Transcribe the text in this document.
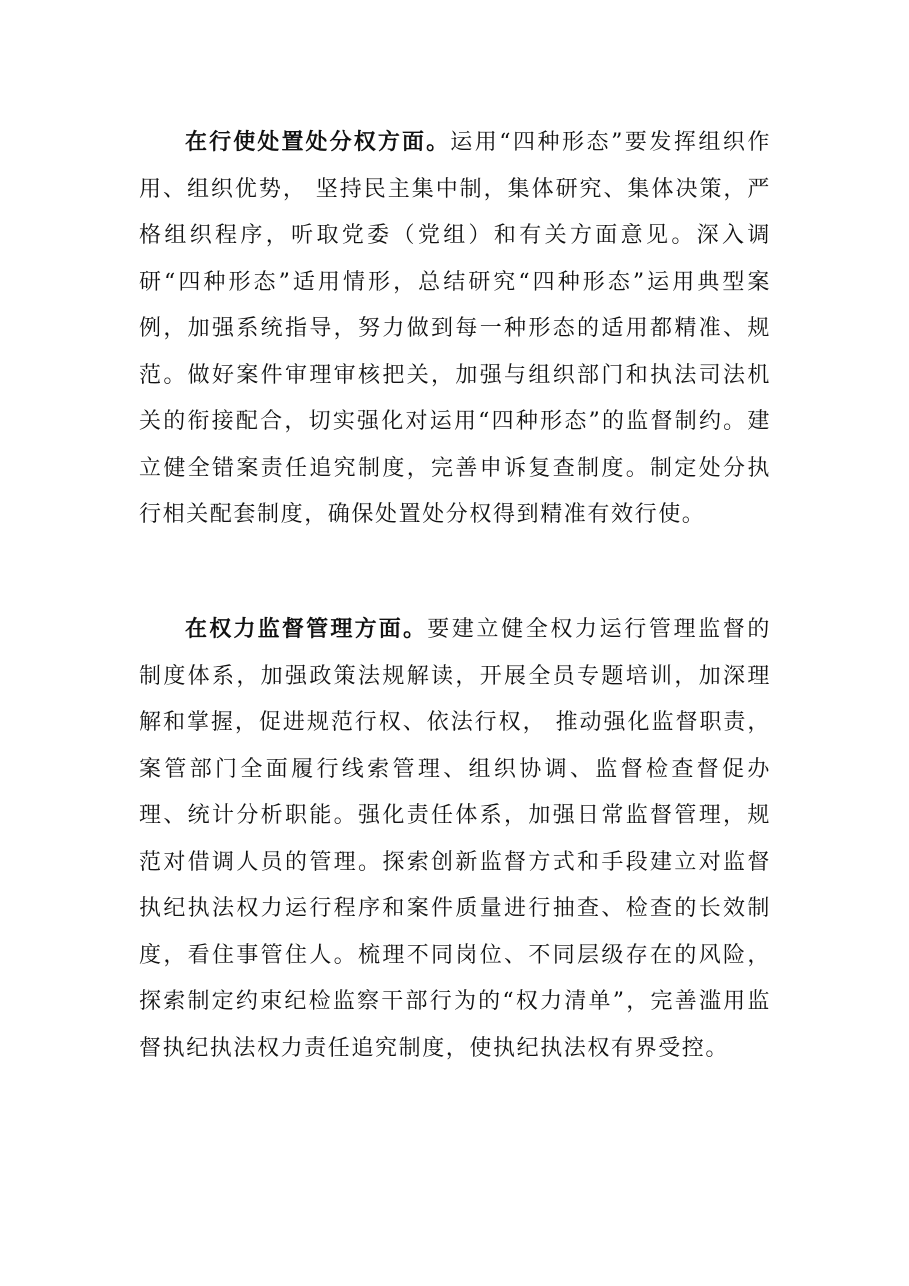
在行使处置处分权方面。运用“四种形态”要发挥组织作用、组织优势， 坚持民主集中制，集体研究、集体决策，严格组织程序，听取党委（党组）和有关方面意见。深入调研“四种形态”适用情形，总结研究“四种形态”运用典型案例，加强系统指导，努力做到每一种形态的适用都精准、规范。做好案件审理审核把关，加强与组织部门和执法司法机关的衔接配合，切实强化对运用“四种形态”的监督制约。建立健全错案责任追究制度，完善申诉复查制度。制定处分执行相关配套制度，确保处置处分权得到精准有效行使。

在权力监督管理方面。要建立健全权力运行管理监督的制度体系，加强政策法规解读，开展全员专题培训，加深理解和掌握，促进规范行权、依法行权， 推动强化监督职责，案管部门全面履行线索管理、组织协调、监督检查督促办理、统计分析职能。强化责任体系，加强日常监督管理，规范对借调人员的管理。探索创新监督方式和手段建立对监督执纪执法权力运行程序和案件质量进行抽查、检查的长效制度，看住事管住人。梳理不同岗位、不同层级存在的风险，探索制定约束纪检监察干部行为的“权力清单”，完善滥用监督执纪执法权力责任追究制度，使执纪执法权有界受控。
